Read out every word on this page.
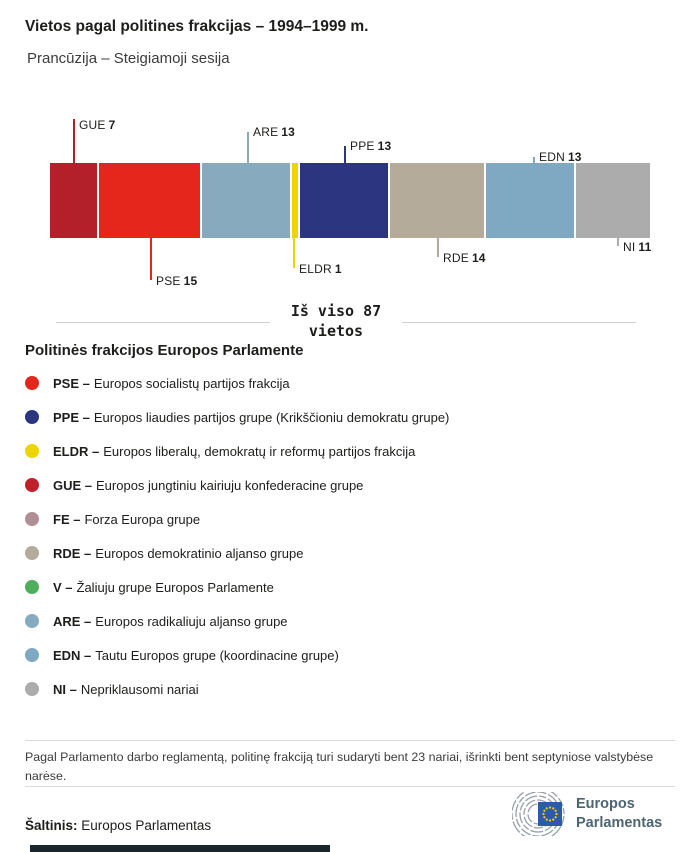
Vietos pagal politines frakcijas – 1994–1999 m.
Prancūzija – Steigiamoji sesija
GUE 7
PSE 15
ARE 13
ELDR 1
PPE 13
RDE 14
EDN 13
NI 11
Iš viso 87
vietos
Politinės frakcijos Europos Parlamente
PSE – Europos socialistų partijos frakcija
PPE – Europos liaudies partijos grupe (Krikščioniu demokratu grupe)
ELDR – Europos liberalų, demokratų ir reformų partijos frakcija
GUE – Europos jungtiniu kairiuju konfederacine grupe
FE – Forza Europa grupe
RDE – Europos demokratinio aljanso grupe
V – Žaliuju grupe Europos Parlamente
ARE – Europos radikaliuju aljanso grupe
EDN – Tautu Europos grupe (koordinacine grupe)
NI – Nepriklausomi nariai
Pagal Parlamento darbo reglamentą, politinę frakciją turi sudaryti bent 23 nariai, išrinkti bent septyniose valstybėse narėse.
Šaltinis: Europos Parlamentas
Europos
Parlamentas
